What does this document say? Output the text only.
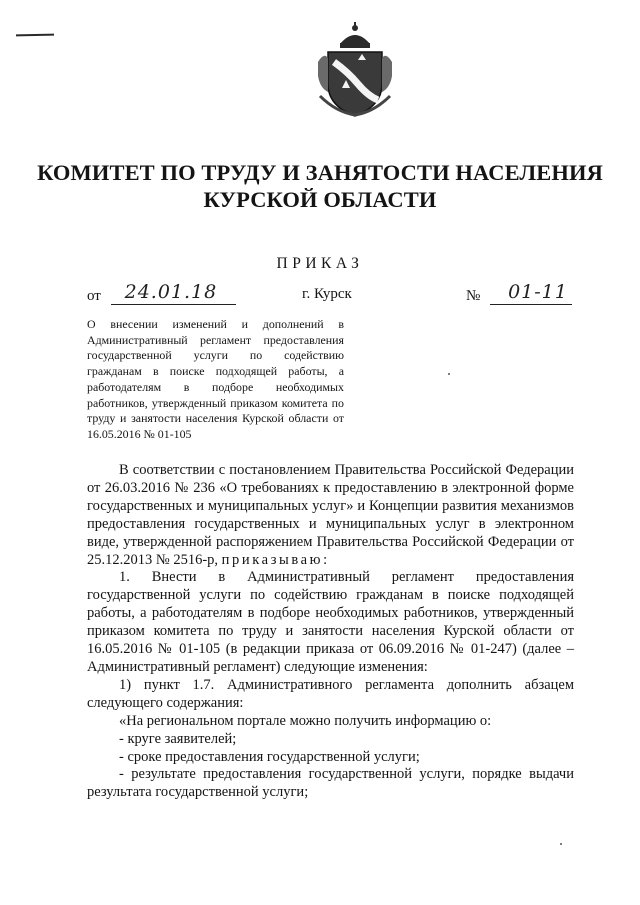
КОМИТЕТ ПО ТРУДУ И ЗАНЯТОСТИ НАСЕЛЕНИЯ
КУРСКОЙ ОБЛАСТИ
ПРИКАЗ
от 24.01.18	г. Курск	№ 01-11
О внесении изменений и дополнений в Административный регламент предоставления государственной услуги по содействию гражданам в поиске подходящей работы, а работодателям в подборе необходимых работников, утвержденный приказом комитета по труду и занятости населения Курской области от 16.05.2016 № 01-105

В соответствии с постановлением Правительства Российской Федерации от 26.03.2016 № 236 «О требованиях к предоставлению в электронной форме государственных и муниципальных услуг» и Концепции развития механизмов предоставления государственных и муниципальных услуг в электронном виде, утвержденной распоряжением Правительства Российской Федерации от 25.12.2013 № 2516-р, приказываю:

1. Внести в Административный регламент предоставления государственной услуги по содействию гражданам в поиске подходящей работы, а работодателям в подборе необходимых работников, утвержденный приказом комитета по труду и занятости населения Курской области от 16.05.2016 № 01-105 (в редакции приказа от 06.09.2016 № 01-247) (далее – Административный регламент) следующие изменения:

1) пункт 1.7. Административного регламента дополнить абзацем следующего содержания:

«На региональном портале можно получить информацию о:

- круге заявителей;

- сроке предоставления государственной услуги;

- результате предоставления государственной услуги, порядке выдачи результата государственной услуги;
